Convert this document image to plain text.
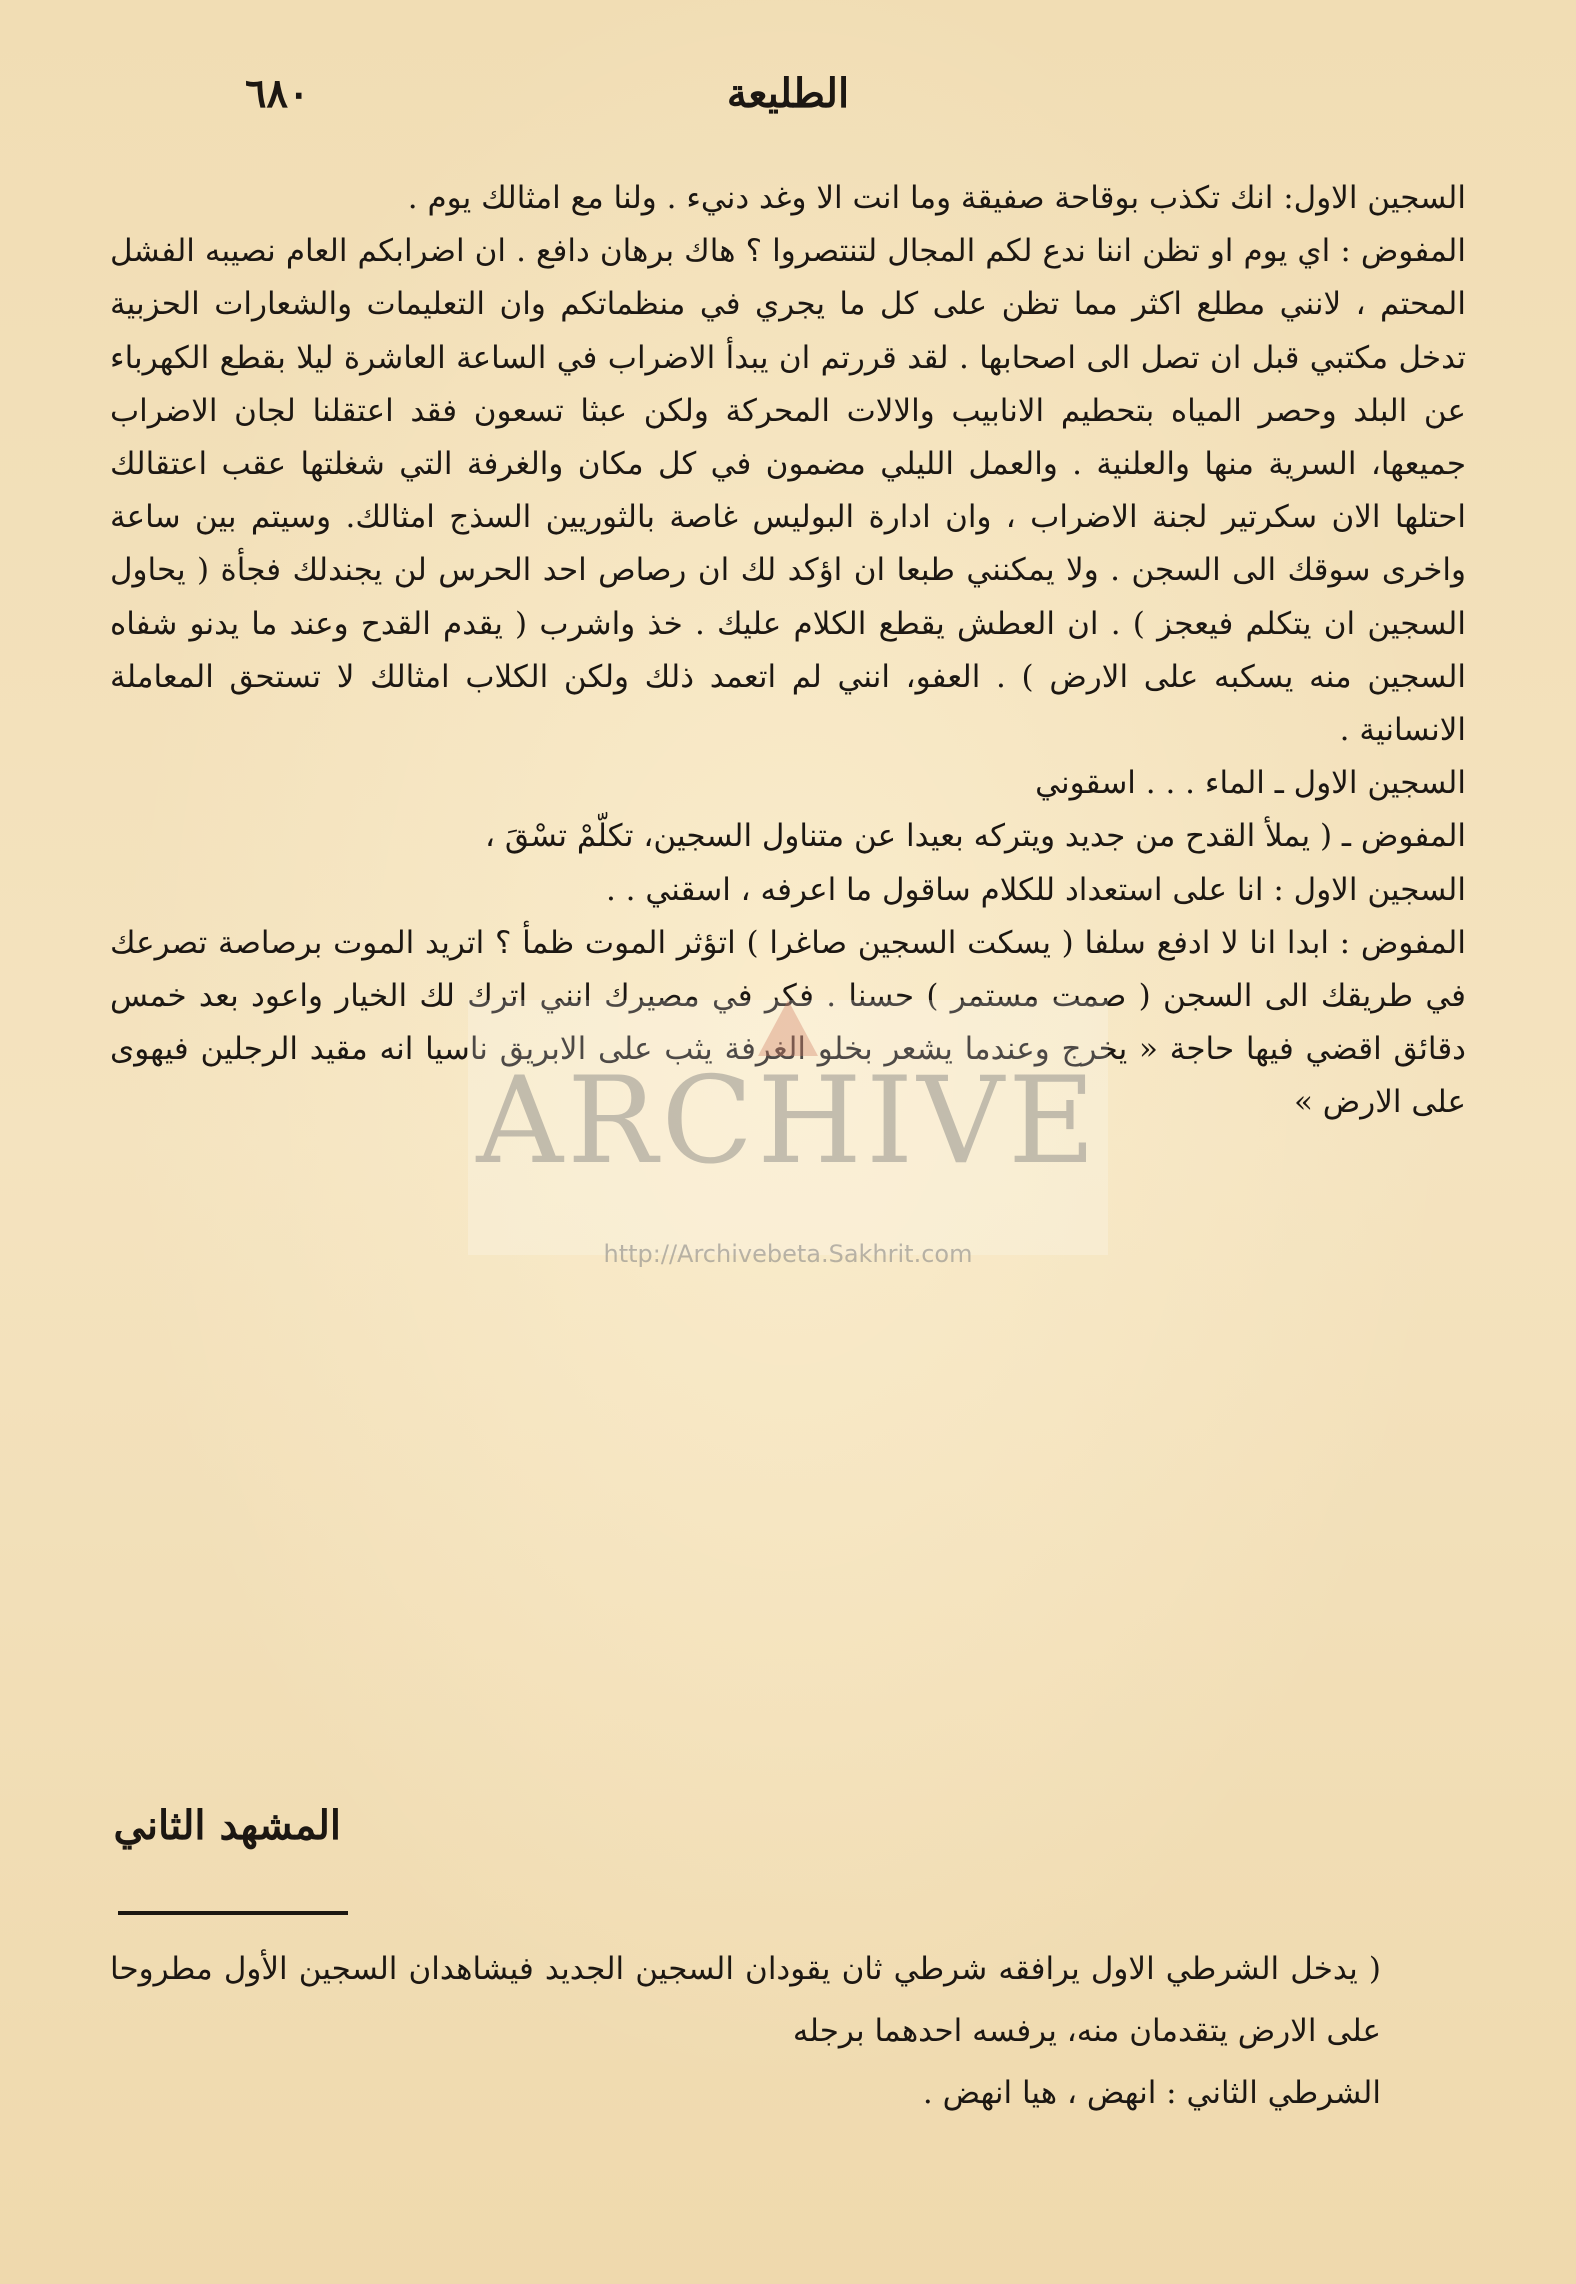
الطليعة
٦٨٠

السجين الاول: انك تكذب بوقاحة صفيقة وما انت الا وغد دنيء . ولنا مع امثالك يوم .

المفوض : اي يوم او تظن اننا ندع لكم المجال لتنتصروا ؟ هاك برهان دافع . ان اضرابكم العام نصيبه الفشل المحتم ، لانني مطلع اكثر مما تظن على كل ما يجري في منظماتكم وان التعليمات والشعارات الحزبية تدخل مكتبي قبل ان تصل الى اصحابها . لقد قررتم ان يبدأ الاضراب في الساعة العاشرة ليلا بقطع الكهرباء عن البلد وحصر المياه بتحطيم الانابيب والالات المحركة ولكن عبثا تسعون فقد اعتقلنا لجان الاضراب جميعها، السرية منها والعلنية . والعمل الليلي مضمون في كل مكان والغرفة التي شغلتها عقب اعتقالك احتلها الان سكرتير لجنة الاضراب ، وان ادارة البوليس غاصة بالثوريين السذج امثالك. وسيتم بين ساعة واخرى سوقك الى السجن . ولا يمكنني طبعا ان اؤكد لك ان رصاص احد الحرس لن يجندلك فجأة ( يحاول السجين ان يتكلم فيعجز ) . ان العطش يقطع الكلام عليك . خذ واشرب ( يقدم القدح وعند ما يدنو شفاه السجين منه يسكبه على الارض ) . العفو، انني لم اتعمد ذلك ولكن الكلاب امثالك لا تستحق المعاملة الانسانية .

السجين الاول ـ الماء . . . اسقوني

المفوض ـ ( يملأ القدح من جديد ويتركه بعيدا عن متناول السجين، تكلّمْ تسْقَ ،

السجين الاول : انا على استعداد للكلام ساقول ما اعرفه ، اسقني . .

المفوض : ابدا انا لا ادفع سلفا ( يسكت السجين صاغرا ) اتؤثر الموت ظمأ ؟ اتريد الموت برصاصة تصرعك في طريقك الى السجن ( صمت مستمر ) حسنا . فكر في مصيرك انني اترك لك الخيار واعود بعد خمس دقائق اقضي فيها حاجة « يخرج وعندما يشعر بخلو الغرفة يثب على الابريق ناسيا انه مقيد الرجلين فيهوى على الارض »

ARCHIVE
http://Archivebeta.Sakhrit.com
المشهد الثاني

( يدخل الشرطي الاول يرافقه شرطي ثان يقودان السجين الجديد فيشاهدان السجين الأول مطروحا على الارض يتقدمان منه، يرفسه احدهما برجله

الشرطي الثاني : انهض ، هيا انهض .
